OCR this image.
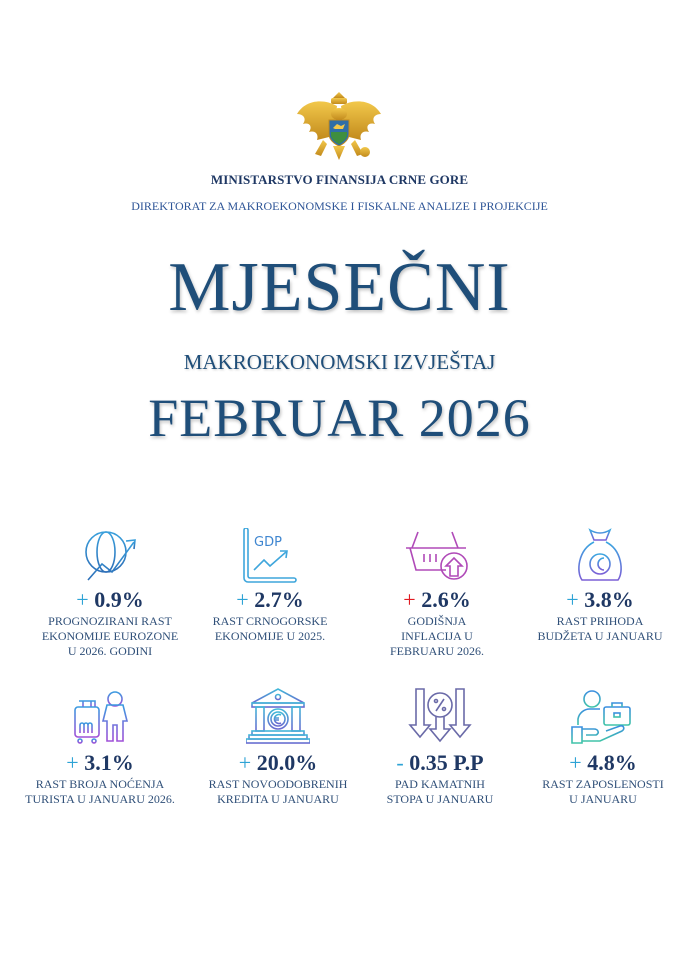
MINISTARSTVO FINANSIJA CRNE GORE
DIREKTORAT ZA MAKROEKONOMSKE I FISKALNE ANALIZE I PROJEKCIJE
MJESEČNI
MAKROEKONOMSKI IZVJEŠTAJ
FEBRUAR 2026
+ 0.9%
PROGNOZIRANI RAST
EKONOMIJE EUROZONE
U 2026. GODINI
GDP
+ 2.7%
RAST CRNOGORSKE
EKONOMIJE U 2025.
+ 2.6%
GODIŠNJA
INFLACIJA U
FEBRUARU 2026.
+ 3.8%
RAST PRIHODA
BUDŽETA U JANUARU
+ 3.1%
RAST BROJA NOĆENJA
TURISTA U JANUARU 2026.
+ 20.0%
RAST NOVOODOBRENIH
KREDITA U JANUARU
- 0.35 P.P
PAD KAMATNIH
STOPA U JANUARU
+ 4.8%
RAST ZAPOSLENOSTI
U JANUARU
